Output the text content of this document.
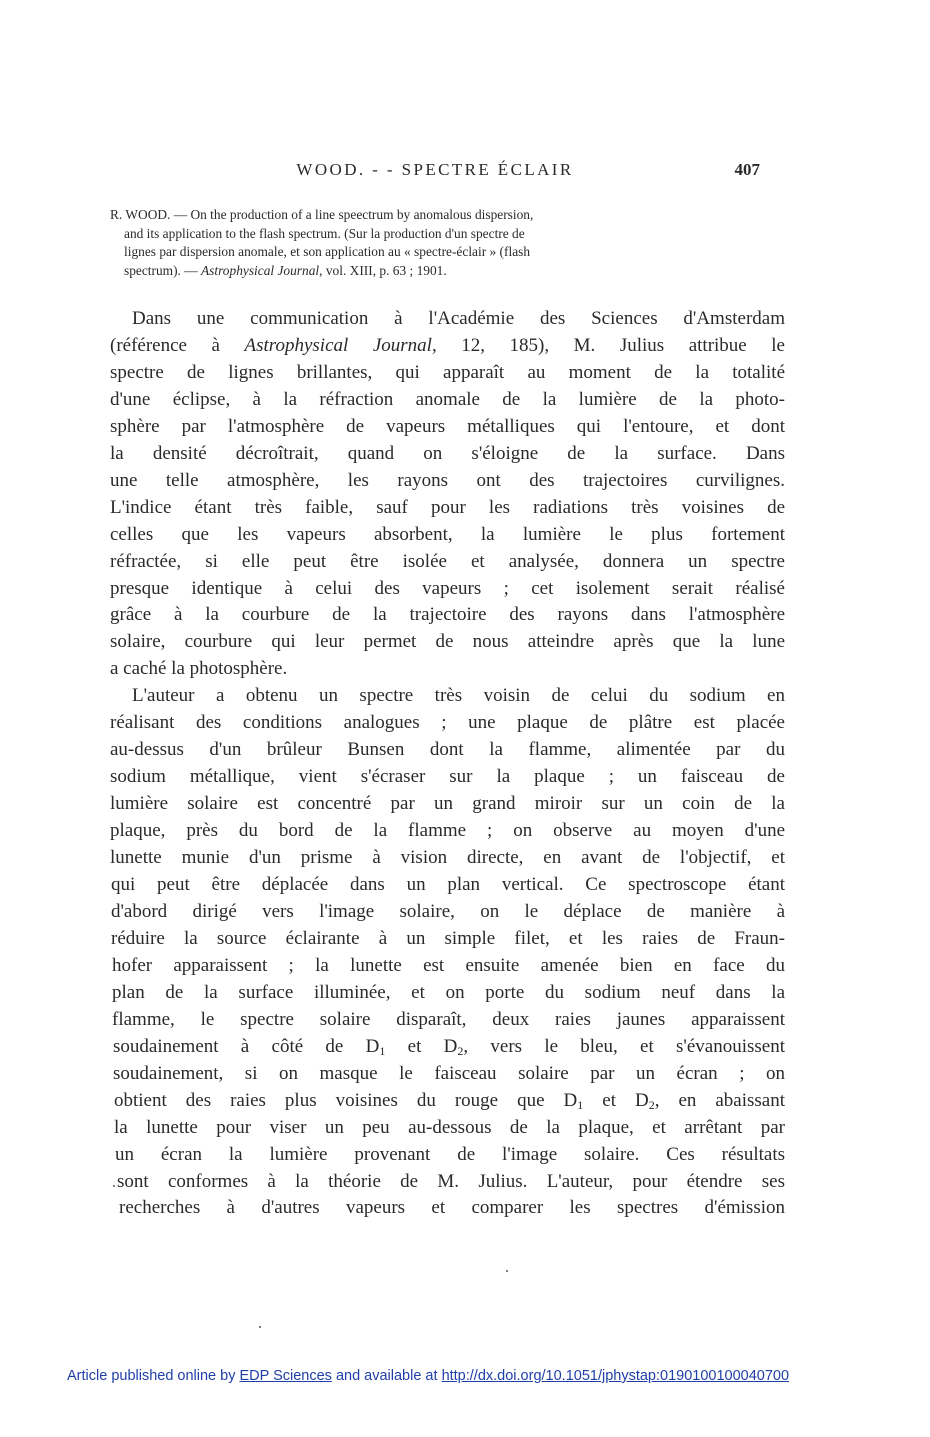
WOOD. - - SPECTRE ÉCLAIR	407
R. WOOD. — On the production of a line speectrum by anomalous dispersion,
and its application to the flash spectrum. (Sur la production d'un spectre de
lignes par dispersion anomale, et son application au « spectre-éclair » (flash
spectrum). — Astrophysical Journal, vol. XIII, p. 63 ; 1901.
Dans une communication à l'Académie des Sciences d'Amsterdam
(référence à Astrophysical Journal, 12, 185), M. Julius attribue le
spectre de lignes brillantes, qui apparaît au moment de la totalité
d'une éclipse, à la réfraction anomale de la lumière de la photo-
sphère par l'atmosphère de vapeurs métalliques qui l'entoure, et dont
la densité décroîtrait, quand on s'éloigne de la surface. Dans
une telle atmosphère, les rayons ont des trajectoires curvilignes.
L'indice étant très faible, sauf pour les radiations très voisines de
celles que les vapeurs absorbent, la lumière le plus fortement
réfractée, si elle peut être isolée et analysée, donnera un spectre
presque identique à celui des vapeurs ; cet isolement serait réalisé
grâce à la courbure de la trajectoire des rayons dans l'atmosphère
solaire, courbure qui leur permet de nous atteindre après que la lune
a caché la photosphère.
L'auteur a obtenu un spectre très voisin de celui du sodium en
réalisant des conditions analogues ; une plaque de plâtre est placée
au-dessus d'un brûleur Bunsen dont la flamme, alimentée par du
sodium métallique, vient s'écraser sur la plaque ; un faisceau de
lumière solaire est concentré par un grand miroir sur un coin de la
plaque, près du bord de la flamme ; on observe au moyen d'une
lunette munie d'un prisme à vision directe, en avant de l'objectif, et
qui peut être déplacée dans un plan vertical. Ce spectroscope étant
d'abord dirigé vers l'image solaire, on le déplace de manière à
réduire la source éclairante à un simple filet, et les raies de Fraun-
hofer apparaissent ; la lunette est ensuite amenée bien en face du
plan de la surface illuminée, et on porte du sodium neuf dans la
flamme, le spectre solaire disparaît, deux raies jaunes apparaissent
soudainement à côté de $D_1$ et $D_2$, vers le bleu, et s'évanouissent
soudainement, si on masque le faisceau solaire par un écran ; on
obtient des raies plus voisines du rouge que $D_1$ et $D_2$, en abaissant
la lunette pour viser un peu au-dessous de la plaque, et arrêtant par
un écran la lumière provenant de l'image solaire. Ces résultats
sont conformes à la théorie de M. Julius. L'auteur, pour étendre ses
recherches à d'autres vapeurs et comparer les spectres d'émission
Article published online by EDP Sciences and available at http://dx.doi.org/10.1051/jphystap:0190100100040700
